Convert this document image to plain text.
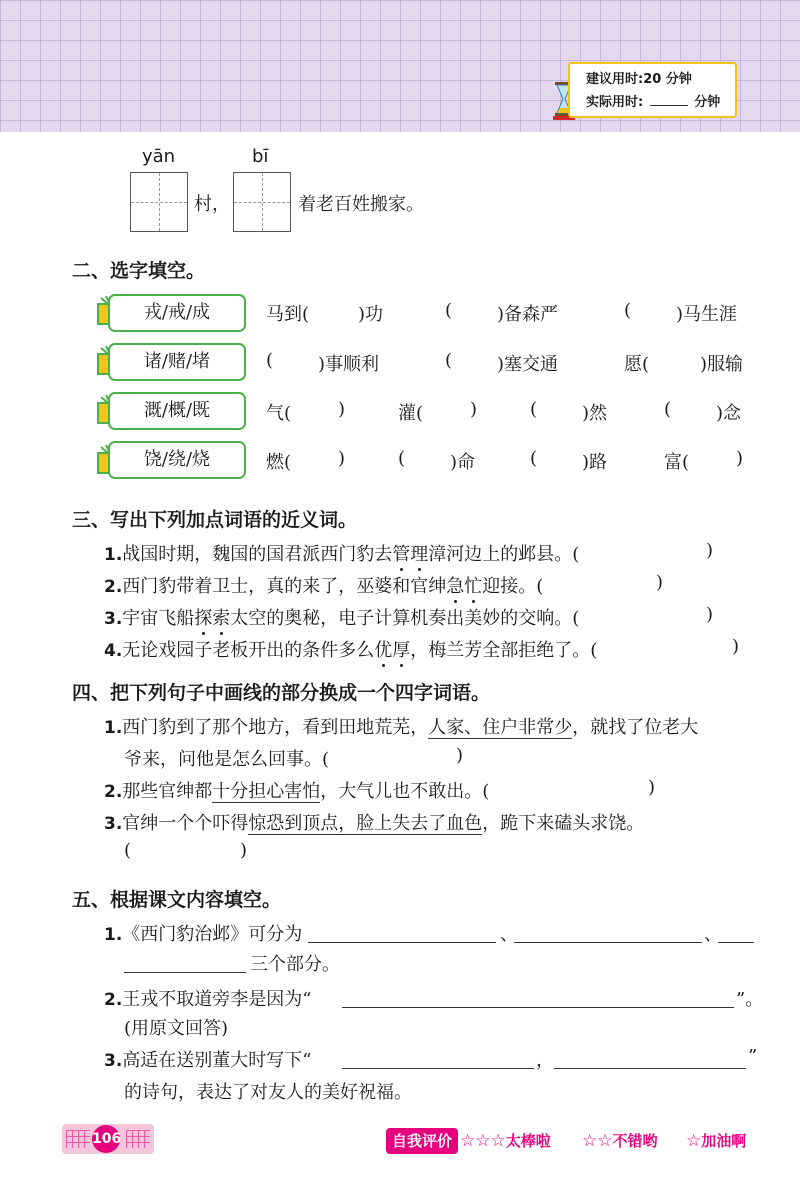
建议用时:20 分钟
实际用时:	分钟
yān	bī
村，	着老百姓搬家。
二、选字填空。
戎/戒/成	马到(	)功	( )备森严	( )马生涯
诸/赌/堵	( )事顺利	( )塞交通	愿(	)服输
溉/概/既	气(	)	灌(	)	( )然	( )念
饶/绕/烧	燃(	)	( )命	( )路	富(	)
三、写出下列加点词语的近义词。
1.战国时期，魏国的国君派西门豹去管理漳河边上的邺县。(	)
2.西门豹带着卫士，真的来了，巫婆和官绅急忙迎接。(	)
3.宇宙飞船探索太空的奥秘，电子计算机奏出美妙的交响。(	)
4.无论戏园子老板开出的条件多么优厚，梅兰芳全部拒绝了。(	)
四、把下列句子中画线的部分换成一个四字词语。
1.西门豹到了那个地方，看到田地荒芜，人家、住户非常少，就找了位老大
爷来，问他是怎么回事。(	)
2.那些官绅都十分担心害怕，大气儿也不敢出。(	)
3.官绅一个个吓得惊恐到顶点，脸上失去了血色，跪下来磕头求饶。
(	)
五、根据课文内容填空。
1.《西门豹治邺》可分为	、	、
三个部分。
2.王戎不取道旁李是因为“	”。
(用原文回答)
3.高适在送别董大时写下“	，	”
的诗句，表达了对友人的美好祝福。
106	自我评价 ☆☆☆太棒啦 ☆☆不错哟 ☆加油啊
